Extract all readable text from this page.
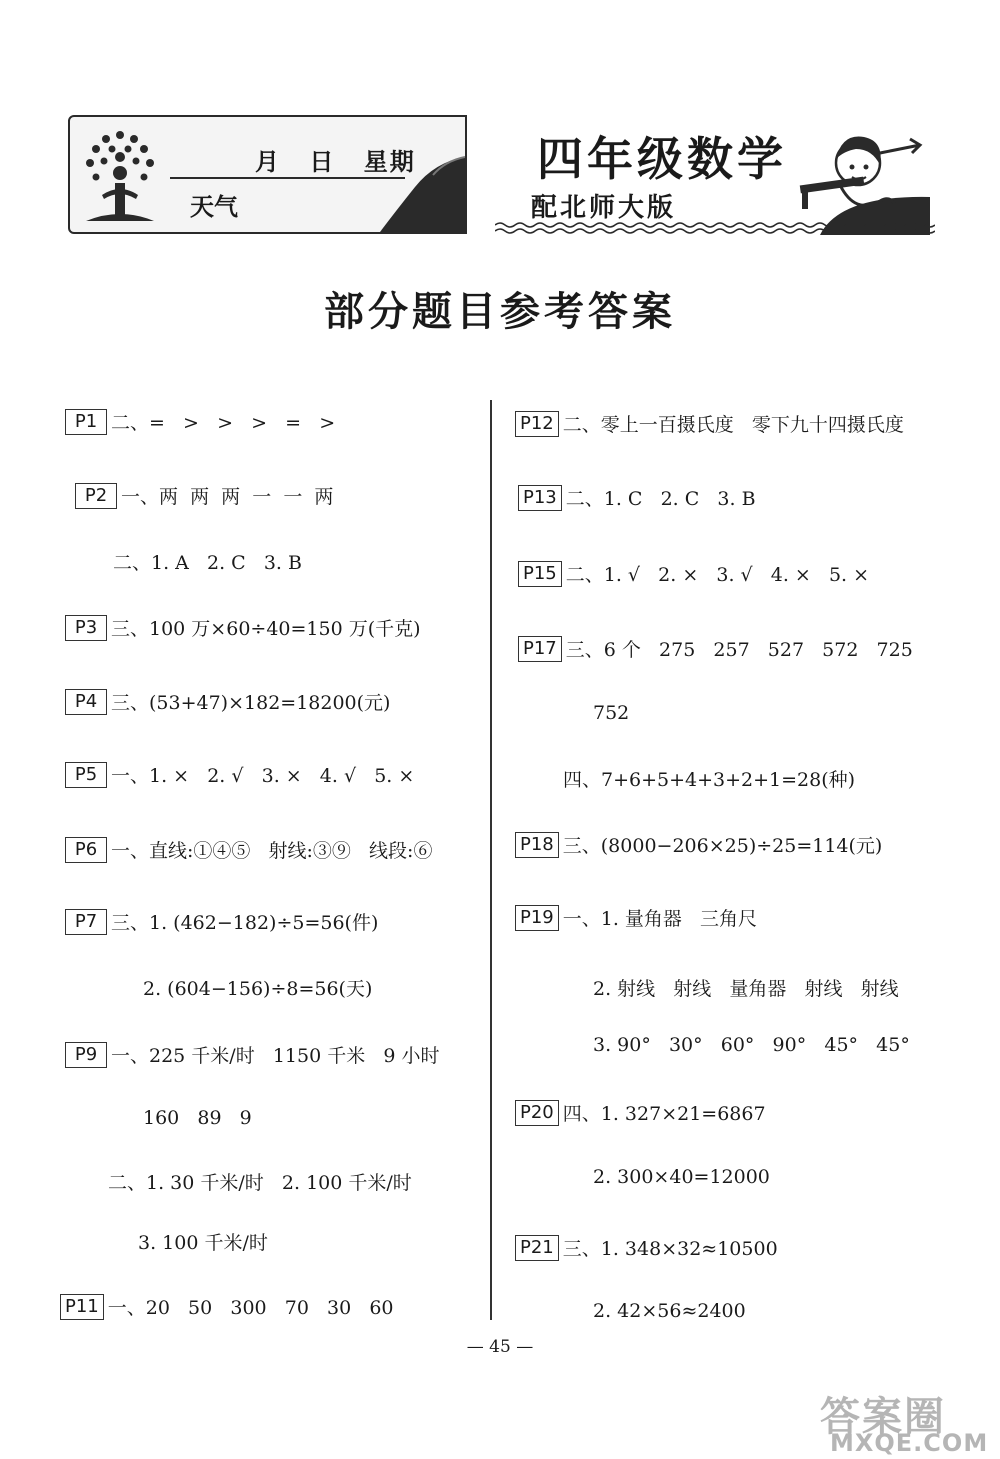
月 日 星期
天气
四年级数学
配北师大版
部分题目参考答案
P1 二、=   >   >   >   =   >
P2 一、两  两  两  一  一  两
二、1. A   2. C   3. B
P3 三、100 万×60÷40=150 万(千克)
P4 三、(53+47)×182=18200(元)
P5 一、1. ×   2. √   3. ×   4. √   5. ×
P6 一、直线:①④⑤   射线:③⑨   线段:⑥
P7 三、1. (462−182)÷5=56(件)
2. (604−156)÷8=56(天)
P9 一、225 千米/时   1150 千米   9 小时
160   89   9
二、1. 30 千米/时   2. 100 千米/时
3. 100 千米/时
P11 一、20   50   300   70   30   60
P12 二、零上一百摄氏度   零下九十四摄氏度
P13 二、1. C   2. C   3. B
P15 二、1. √   2. ×   3. √   4. ×   5. ×
P17 三、6 个   275   257   527   572   725
752
四、7+6+5+4+3+2+1=28(种)
P18 三、(8000−206×25)÷25=114(元)
P19 一、1. 量角器   三角尺
2. 射线   射线   量角器   射线   射线
3. 90°   30°   60°   90°   45°   45°
P20 四、1. 327×21=6867
2. 300×40=12000
P21 三、1. 348×32≈10500
2. 42×56≈2400
— 45 —
答案圈
MXQE.COM
